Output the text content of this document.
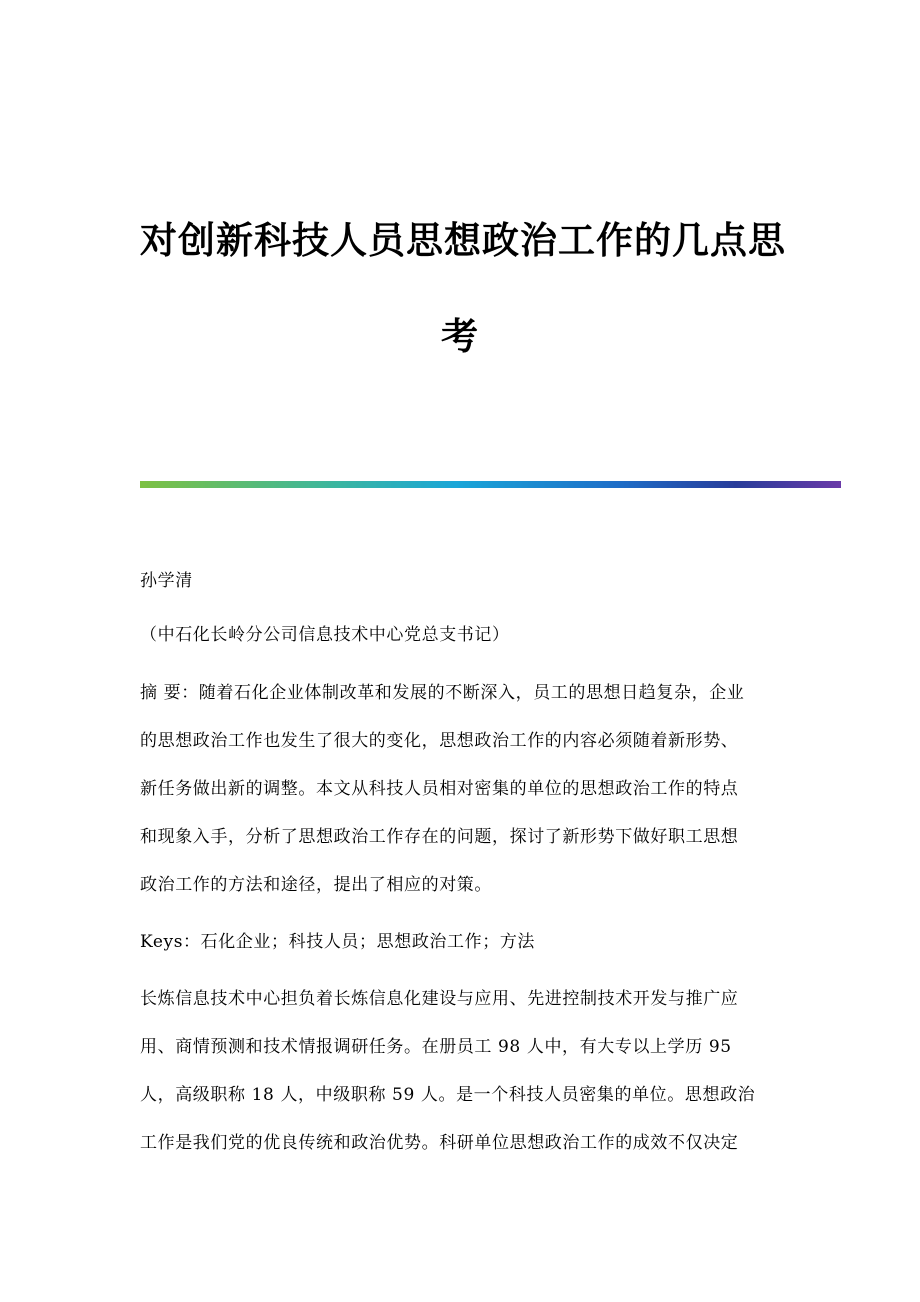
对创新科技人员思想政治工作的几点思
考
孙学清
（中石化长岭分公司信息技术中心党总支书记）
摘 要：随着石化企业体制改革和发展的不断深入，员工的思想日趋复杂，企业
的思想政治工作也发生了很大的变化，思想政治工作的内容必须随着新形势、
新任务做出新的调整。本文从科技人员相对密集的单位的思想政治工作的特点
和现象入手，分析了思想政治工作存在的问题，探讨了新形势下做好职工思想
政治工作的方法和途径，提出了相应的对策。
Keys：石化企业；科技人员；思想政治工作；方法
长炼信息技术中心担负着长炼信息化建设与应用、先进控制技术开发与推广应
用、商情预测和技术情报调研任务。在册员工 98 人中，有大专以上学历 95
人，高级职称 18 人，中级职称 59 人。是一个科技人员密集的单位。思想政治
工作是我们党的优良传统和政治优势。科研单位思想政治工作的成效不仅决定
